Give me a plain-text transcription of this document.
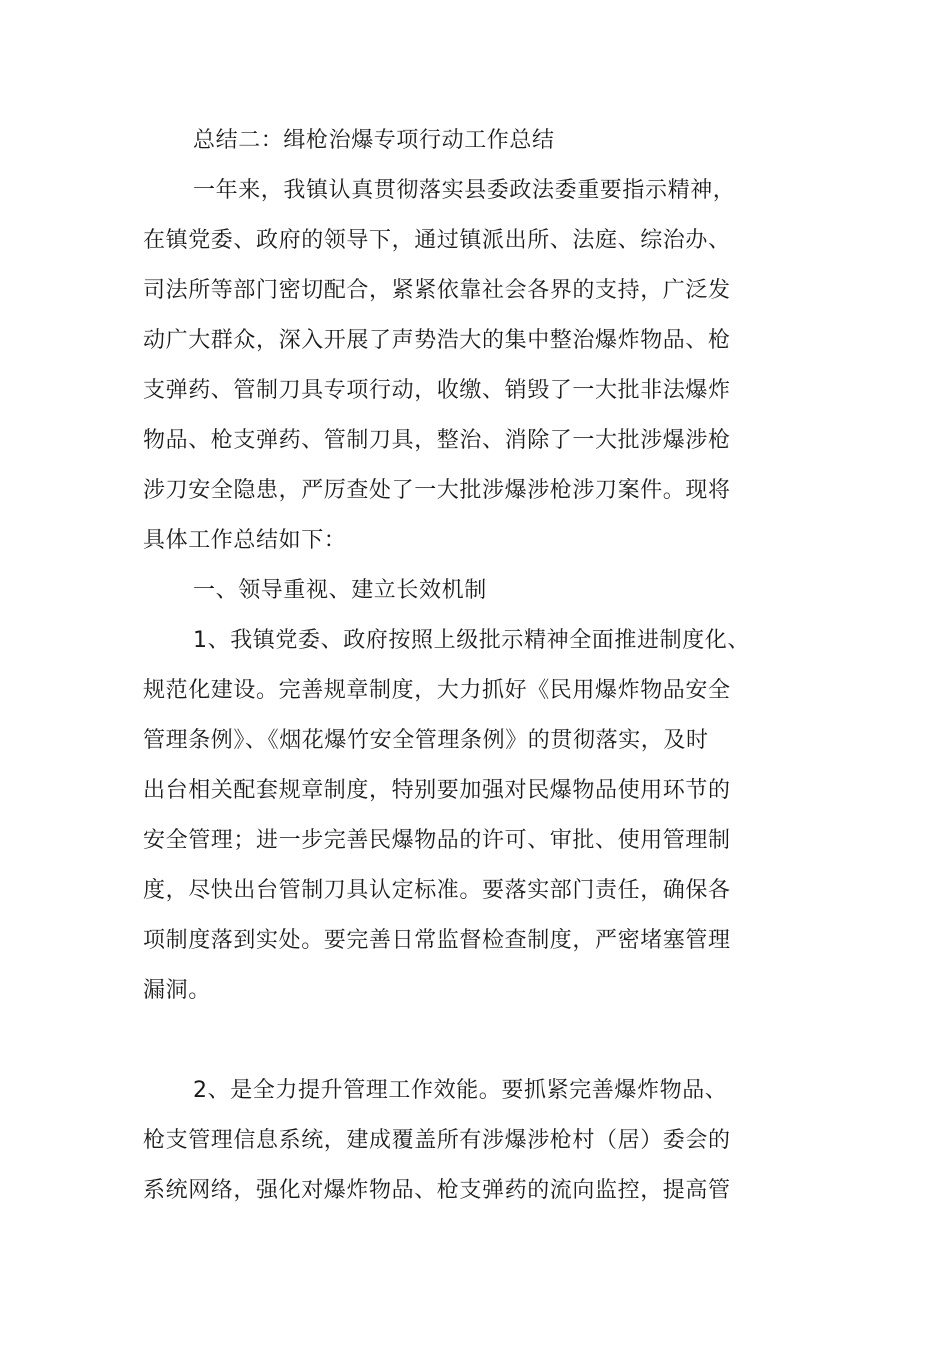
总结二：缉枪治爆专项行动工作总结
一年来，我镇认真贯彻落实县委政法委重要指示精神，
在镇党委、政府的领导下，通过镇派出所、法庭、综治办、
司法所等部门密切配合，紧紧依靠社会各界的支持，广泛发
动广大群众，深入开展了声势浩大的集中整治爆炸物品、枪
支弹药、管制刀具专项行动，收缴、销毁了一大批非法爆炸
物品、枪支弹药、管制刀具，整治、消除了一大批涉爆涉枪
涉刀安全隐患，严厉查处了一大批涉爆涉枪涉刀案件。现将
具体工作总结如下：
一、领导重视、建立长效机制
1、我镇党委、政府按照上级批示精神全面推进制度化、
规范化建设。完善规章制度，大力抓好《民用爆炸物品安全
管理条例》、《烟花爆竹安全管理条例》的贯彻落实，及时
出台相关配套规章制度，特别要加强对民爆物品使用环节的
安全管理；进一步完善民爆物品的许可、审批、使用管理制
度，尽快出台管制刀具认定标准。要落实部门责任，确保各
项制度落到实处。要完善日常监督检查制度，严密堵塞管理
漏洞。
2、是全力提升管理工作效能。要抓紧完善爆炸物品、
枪支管理信息系统，建成覆盖所有涉爆涉枪村（居）委会的
系统网络，强化对爆炸物品、枪支弹药的流向监控，提高管
